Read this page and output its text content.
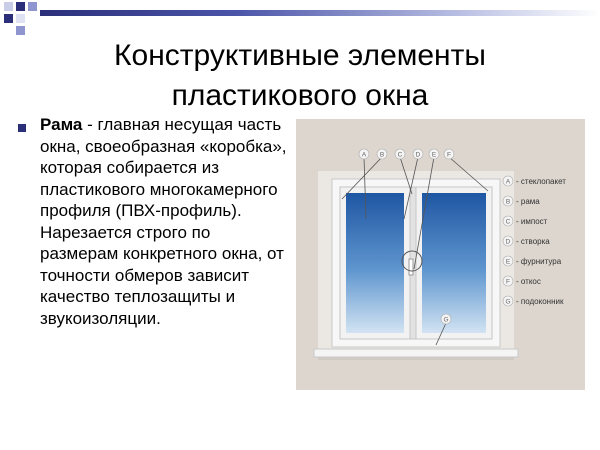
Конструктивные элементы
пластикового окна
Рама - главная несущая часть окна, своеобразная «коробка», которая собирается из пластикового многокамерного профиля (ПВХ-профиль). Нарезается строго по размерам конкретного окна, от точности обмеров зависит качество теплозащиты и звукоизоляции.
A B C D E F
G
A - стеклопакет
B - рама
C - импост
D - створка
E - фурнитура
F - откос
G - подоконник
